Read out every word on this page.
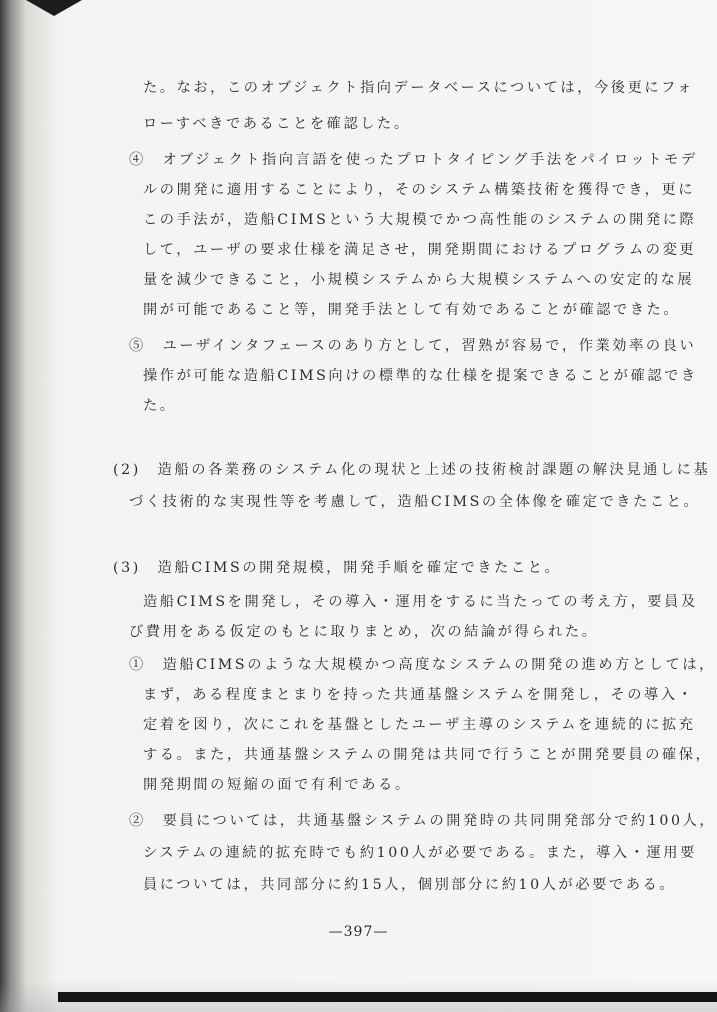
た。なお，このオブジェクト指向データベースについては，今後更にフォ
ローすべきであることを確認した。
④　オブジェクト指向言語を使ったプロトタイピング手法をパイロットモデ
ルの開発に適用することにより，そのシステム構築技術を獲得でき，更に
この手法が，造船CIMSという大規模でかつ高性能のシステムの開発に際
して，ユーザの要求仕様を満足させ，開発期間におけるプログラムの変更
量を減少できること，小規模システムから大規模システムへの安定的な展
開が可能であること等，開発手法として有効であることが確認できた。
⑤　ユーザインタフェースのあり方として，習熟が容易で，作業効率の良い
操作が可能な造船CIMS向けの標準的な仕様を提案できることが確認でき
た。
(2)　造船の各業務のシステム化の現状と上述の技術検討課題の解決見通しに基
づく技術的な実現性等を考慮して，造船CIMSの全体像を確定できたこと。
(3)　造船CIMSの開発規模，開発手順を確定できたこと。
造船CIMSを開発し，その導入・運用をするに当たっての考え方，要員及
び費用をある仮定のもとに取りまとめ，次の結論が得られた。
①　造船CIMSのような大規模かつ高度なシステムの開発の進め方としては，
まず，ある程度まとまりを持った共通基盤システムを開発し，その導入・
定着を図り，次にこれを基盤としたユーザ主導のシステムを連続的に拡充
する。また，共通基盤システムの開発は共同で行うことが開発要員の確保，
開発期間の短縮の面で有利である。
②　要員については，共通基盤システムの開発時の共同開発部分で約100人，
システムの連続的拡充時でも約100人が必要である。また，導入・運用要
員については，共同部分に約15人，個別部分に約10人が必要である。
—397—
